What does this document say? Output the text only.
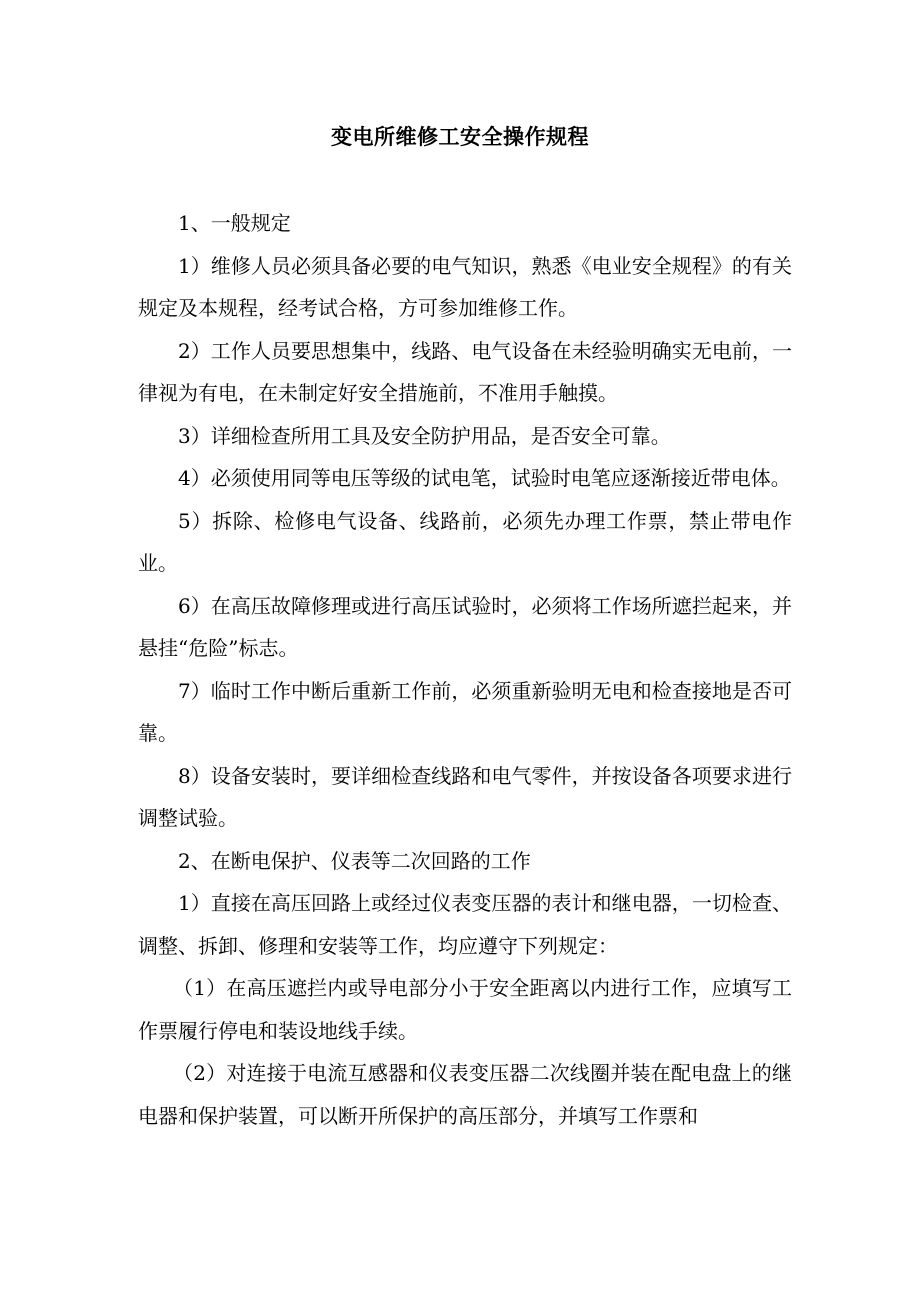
变电所维修工安全操作规程

1、一般规定

1）维修人员必须具备必要的电气知识，熟悉《电业安全规程》的有关规定及本规程，经考试合格，方可参加维修工作。

2）工作人员要思想集中，线路、电气设备在未经验明确实无电前，一律视为有电，在未制定好安全措施前，不准用手触摸。

3）详细检查所用工具及安全防护用品，是否安全可靠。

4）必须使用同等电压等级的试电笔，试验时电笔应逐渐接近带电体。

5）拆除、检修电气设备、线路前，必须先办理工作票，禁止带电作业。

6）在高压故障修理或进行高压试验时，必须将工作场所遮拦起来，并悬挂“危险”标志。

7）临时工作中断后重新工作前，必须重新验明无电和检查接地是否可靠。

8）设备安装时，要详细检查线路和电气零件，并按设备各项要求进行调整试验。

2、在断电保护、仪表等二次回路的工作

1）直接在高压回路上或经过仪表变压器的表计和继电器，一切检查、调整、拆卸、修理和安装等工作，均应遵守下列规定：

（1）在高压遮拦内或导电部分小于安全距离以内进行工作，应填写工作票履行停电和装设地线手续。

（2）对连接于电流互感器和仪表变压器二次线圈并装在配电盘上的继电器和保护装置，可以断开所保护的高压部分，并填写工作票和
